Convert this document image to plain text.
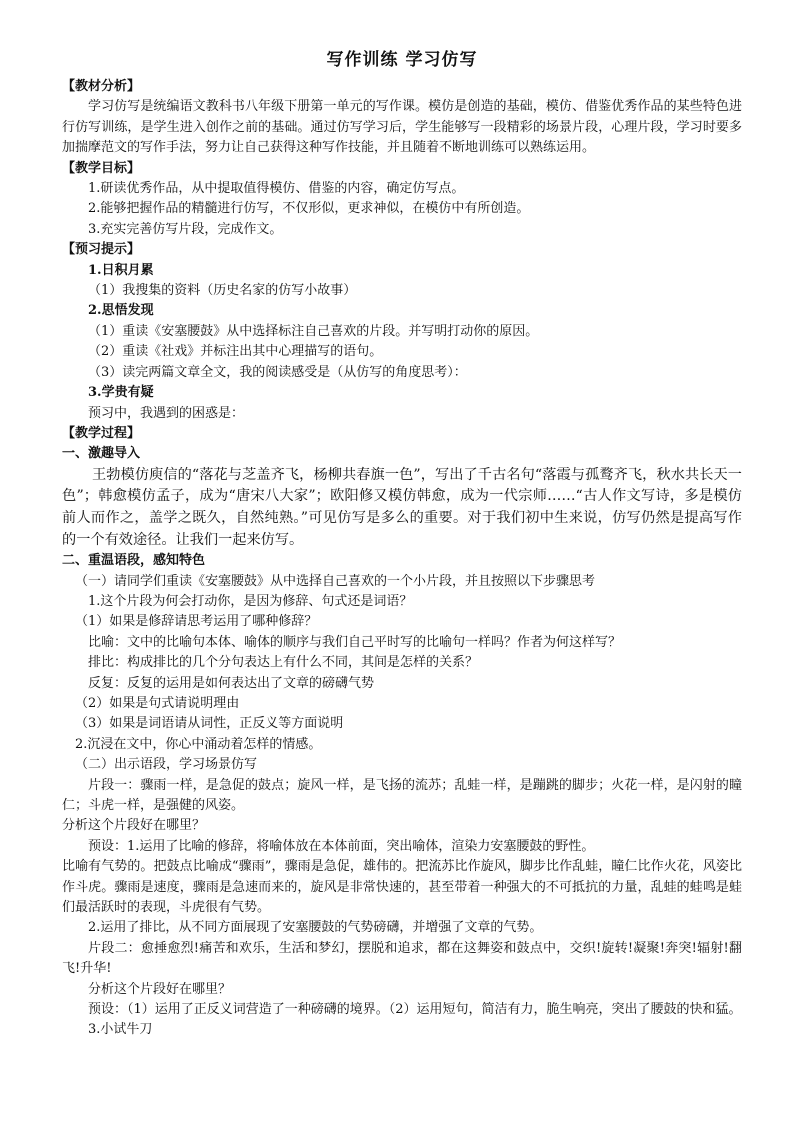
写作训练 学习仿写

【教材分析】

学习仿写是统编语文教科书八年级下册第一单元的写作课。模仿是创造的基础，模仿、借鉴优秀作品的某些特色进行仿写训练，是学生进入创作之前的基础。通过仿写学习后，学生能够写一段精彩的场景片段，心理片段，学习时要多加揣摩范文的写作手法，努力让自己获得这种写作技能，并且随着不断地训练可以熟练运用。

【教学目标】

1.研读优秀作品，从中提取值得模仿、借鉴的内容，确定仿写点。

2.能够把握作品的精髓进行仿写，不仅形似，更求神似，在模仿中有所创造。

3.充实完善仿写片段，完成作文。

【预习提示】

1.日积月累

（1）我搜集的资料（历史名家的仿写小故事）

2.思悟发现

（1）重读《安塞腰鼓》从中选择标注自己喜欢的片段。并写明打动你的原因。

（2）重读《社戏》并标注出其中心理描写的语句。

（3）读完两篇文章全文，我的阅读感受是（从仿写的角度思考）：

3.学贵有疑

预习中，我遇到的困惑是：

【教学过程】

一、激趣导入

王勃模仿庾信的“落花与芝盖齐飞，杨柳共春旗一色”，写出了千古名句“落霞与孤鹜齐飞，秋水共长天一色”；韩愈模仿孟子，成为“唐宋八大家”；欧阳修又模仿韩愈，成为一代宗师……“古人作文写诗，多是模仿前人而作之，盖学之既久，自然纯熟。”可见仿写是多么的重要。对于我们初中生来说，仿写仍然是提高写作的一个有效途径。让我们一起来仿写。

二、重温语段，感知特色

（一）请同学们重读《安塞腰鼓》从中选择自己喜欢的一个小片段，并且按照以下步骤思考

1.这个片段为何会打动你，是因为修辞、句式还是词语？

（1）如果是修辞请思考运用了哪种修辞？

比喻：文中的比喻句本体、喻体的顺序与我们自己平时写的比喻句一样吗？作者为何这样写？

排比：构成排比的几个分句表达上有什么不同，其间是怎样的关系？

反复：反复的运用是如何表达出了文章的磅礴气势

（2）如果是句式请说明理由

（3）如果是词语请从词性，正反义等方面说明

2.沉浸在文中，你心中涌动着怎样的情感。

（二）出示语段，学习场景仿写

片段一：骤雨一样，是急促的鼓点；旋风一样，是飞扬的流苏；乱蛙一样，是蹦跳的脚步；火花一样，是闪射的瞳仁；斗虎一样，是强健的风姿。

分析这个片段好在哪里？

预设：1.运用了比喻的修辞，将喻体放在本体前面，突出喻体，渲染力安塞腰鼓的野性。

比喻有气势的。把鼓点比喻成“骤雨”，骤雨是急促，雄伟的。把流苏比作旋风，脚步比作乱蛙，瞳仁比作火花，风姿比作斗虎。骤雨是速度，骤雨是急速而来的，旋风是非常快速的，甚至带着一种强大的不可抵抗的力量，乱蛙的蛙鸣是蛙们最活跃时的表现，斗虎很有气势。

2.运用了排比，从不同方面展现了安塞腰鼓的气势磅礴，并增强了文章的气势。

片段二：愈捶愈烈!痛苦和欢乐，生活和梦幻，摆脱和追求，都在这舞姿和鼓点中，交织!旋转!凝聚!奔突!辐射!翻飞!升华!

分析这个片段好在哪里？

预设：（1）运用了正反义词营造了一种磅礴的境界。（2）运用短句，简洁有力，脆生响亮，突出了腰鼓的快和猛。

3.小试牛刀
